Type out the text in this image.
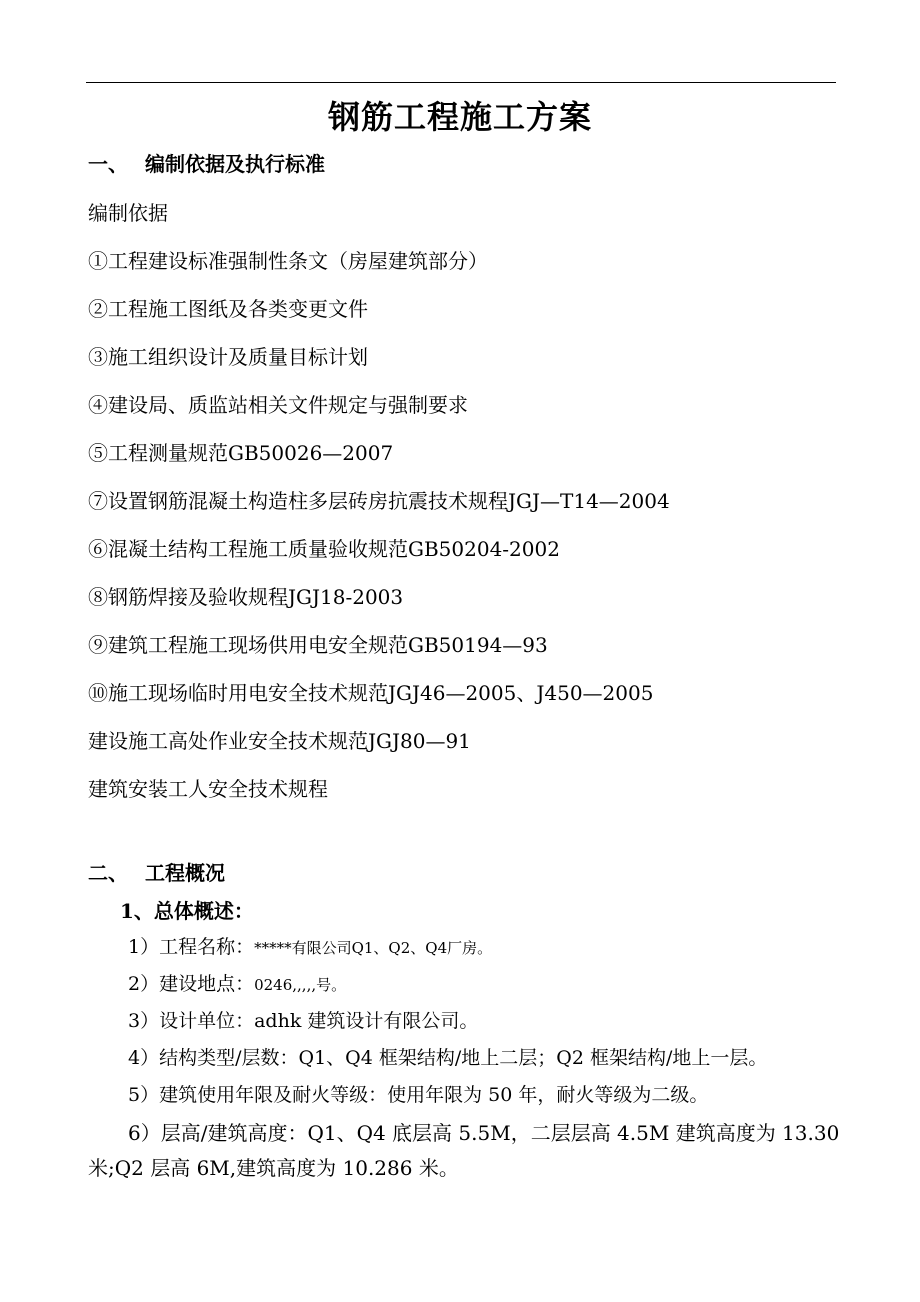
钢筋工程施工方案
一、 编制依据及执行标准
编制依据
①工程建设标准强制性条文（房屋建筑部分）
②工程施工图纸及各类变更文件
③施工组织设计及质量目标计划
④建设局、质监站相关文件规定与强制要求
⑤工程测量规范GB50026—2007
⑦设置钢筋混凝土构造柱多层砖房抗震技术规程JGJ—T14—2004
⑥混凝土结构工程施工质量验收规范GB50204-2002
⑧钢筋焊接及验收规程JGJ18-2003
⑨建筑工程施工现场供用电安全规范GB50194—93
⑩施工现场临时用电安全技术规范JGJ46—2005、J450—2005
建设施工高处作业安全技术规范JGJ80—91
建筑安装工人安全技术规程
二、 工程概况
1、总体概述：
1）工程名称：*****有限公司Q1、Q2、Q4厂房。
2）建设地点：0246,,,,,号。
3）设计单位：adhk 建筑设计有限公司。
4）结构类型/层数：Q1、Q4 框架结构/地上二层；Q2 框架结构/地上一层。
5）建筑使用年限及耐火等级：使用年限为 50 年，耐火等级为二级。
6）层高/建筑高度：Q1、Q4 底层高 5.5M，二层层高 4.5M 建筑高度为 13.30
米;Q2 层高 6M,建筑高度为 10.286 米。
